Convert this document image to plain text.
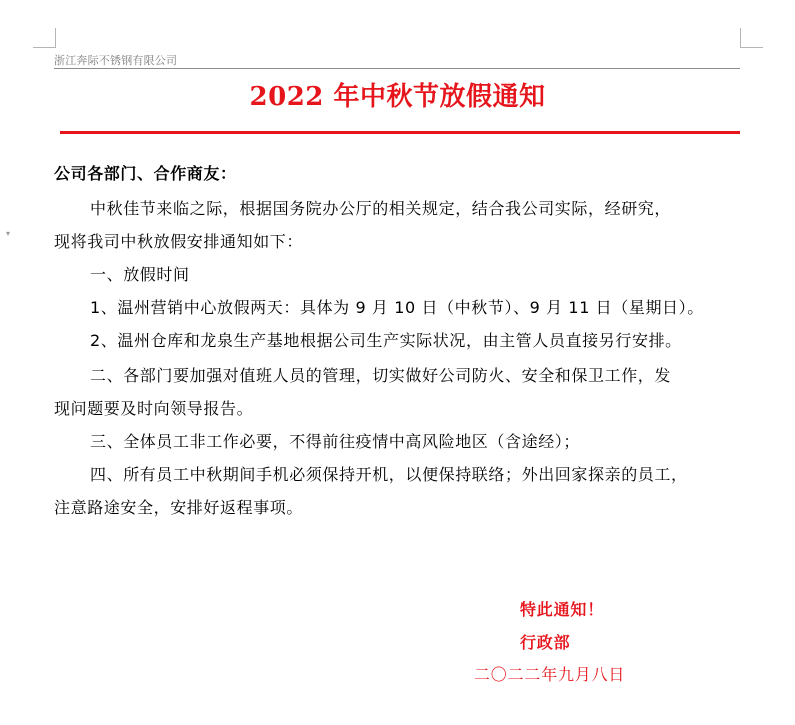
浙江奔际不锈钢有限公司
2022 年中秋节放假通知
▾
公司各部门、合作商友：
中秋佳节来临之际，根据国务院办公厅的相关规定，结合我公司实际，经研究，
现将我司中秋放假安排通知如下：
一、放假时间
1、温州营销中心放假两天：具体为 9 月 10 日（中秋节）、9 月 11 日（星期日）。
2、温州仓库和龙泉生产基地根据公司生产实际状况，由主管人员直接另行安排。
二、各部门要加强对值班人员的管理，切实做好公司防火、安全和保卫工作，发
现问题要及时向领导报告。
三、全体员工非工作必要，不得前往疫情中高风险地区（含途经）；
四、所有员工中秋期间手机必须保持开机，以便保持联络；外出回家探亲的员工，
注意路途安全，安排好返程事项。
特此通知！
行政部
二〇二二年九月八日
